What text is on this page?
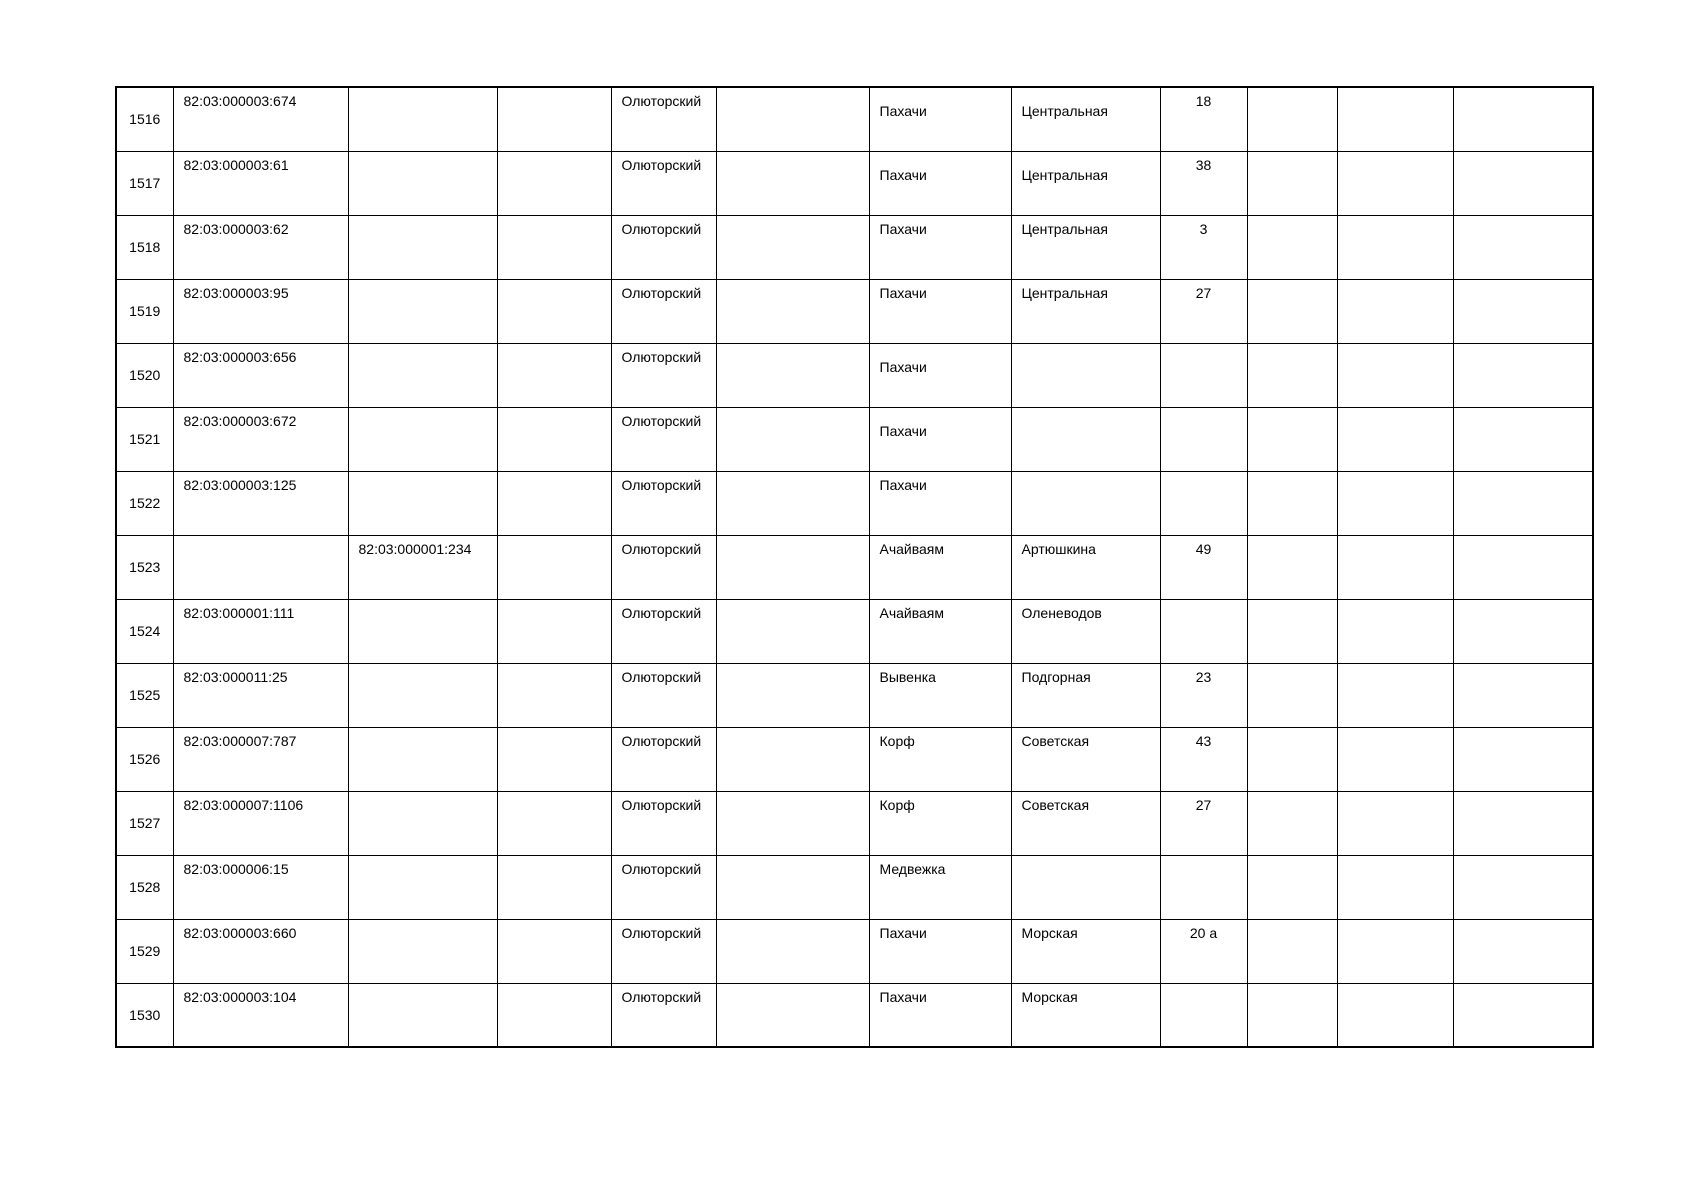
1516	82:03:000003:674			Олюторский		Пахачи	Центральная	18			

1517	82:03:000003:61			Олюторский		Пахачи	Центральная	38			

1518	82:03:000003:62			Олюторский		Пахачи	Центральная	3			

1519	82:03:000003:95			Олюторский		Пахачи	Центральная	27			

1520	82:03:000003:656			Олюторский		Пахачи					

1521	82:03:000003:672			Олюторский		Пахачи					

1522	82:03:000003:125			Олюторский		Пахачи					

1523		82:03:000001:234		Олюторский		Ачайваям	Артюшкина	49			

1524	82:03:000001:111			Олюторский		Ачайваям	Оленеводов				

1525	82:03:000011:25			Олюторский		Вывенка	Подгорная	23			

1526	82:03:000007:787			Олюторский		Корф	Советская	43			

1527	82:03:000007:1106			Олюторский		Корф	Советская	27			

1528	82:03:000006:15			Олюторский		Медвежка					

1529	82:03:000003:660			Олюторский		Пахачи	Морская	20 а			

1530	82:03:000003:104			Олюторский		Пахачи	Морская				
